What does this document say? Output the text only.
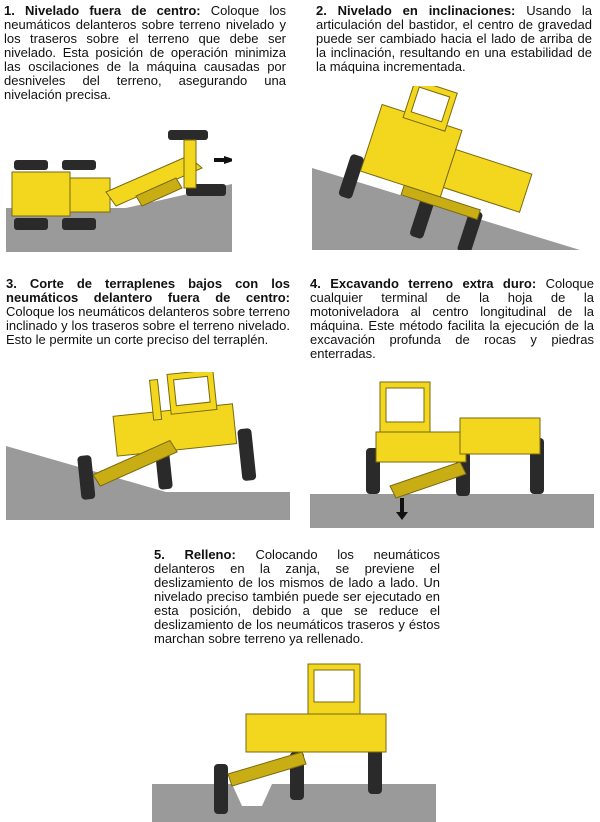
1. Nivelado fuera de centro: Coloque los neumáticos delanteros sobre terreno nivelado y los traseros sobre el terreno que debe ser nivelado. Esta posición de operación minimiza las oscilaciones de la máquina causadas por desniveles del terreno, asegurando una nivelación precisa.
2. Nivelado en inclinaciones: Usando la articulación del bastidor, el centro de gravedad puede ser cambiado hacia el lado de arriba de la inclinación, resultando en una estabilidad de la máquina incrementada.
3. Corte de terraplenes bajos con los neumáticos delantero fuera de centro: Coloque los neumáticos delanteros sobre terreno inclinado y los traseros sobre el terreno nivelado. Esto le permite un corte preciso del terraplén.
4. Excavando terreno extra duro: Coloque cualquier terminal de la hoja de la motoniveladora al centro longitudinal de la máquina. Este método facilita la ejecución de la excavación profunda de rocas y piedras enterradas.
5. Relleno: Colocando los neumáticos delanteros en la zanja, se previene el deslizamiento de los mismos de lado a lado. Un nivelado preciso también puede ser ejecutado en esta posición, debido a que se reduce el deslizamiento de los neumáticos traseros y éstos marchan sobre terreno ya rellenado.
